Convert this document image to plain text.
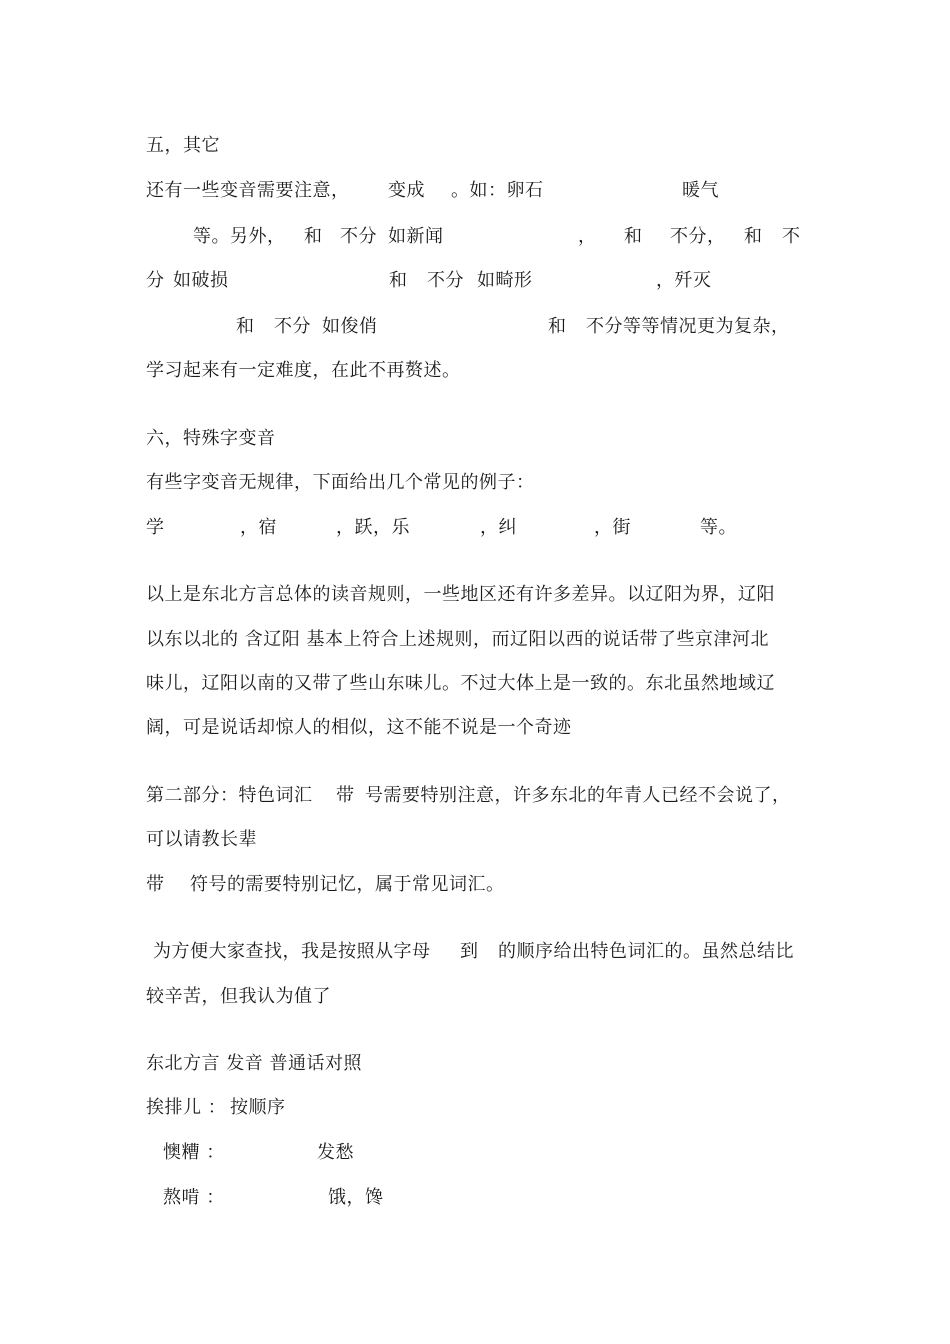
五，其它
还有一些变音需要注意， 变成 。如：卵石	暖气
等。另外， 和 不分 如新闻	， 和 不分， 和 不
分 如破损	和 不分 如畸形	，歼灭
和 不分 如俊俏	和 不分等等情况更为复杂，
学习起来有一定难度，在此不再赘述。
六，特殊字变音
有些字变音无规律，下面给出几个常见的例子：
学	，宿	，跃，乐	，纠	，街	等。
以上是东北方言总体的读音规则，一些地区还有许多差异。以辽阳为界，辽阳
以东以北的 含辽阳 基本上符合上述规则，而辽阳以西的说话带了些京津河北
味儿，辽阳以南的又带了些山东味儿。不过大体上是一致的。东北虽然地域辽
阔，可是说话却惊人的相似，这不能不说是一个奇迹
第二部分：特色词汇 带 号需要特别注意，许多东北的年青人已经不会说了，
可以请教长辈
带 符号的需要特别记忆，属于常见词汇。
为方便大家查找，我是按照从字母 到 的顺序给出特色词汇的。虽然总结比
较辛苦，但我认为值了
东北方言 发音 普通话对照
挨排儿 ： 按顺序
懊糟 ：	发愁
熬啃 ：	饿，馋
